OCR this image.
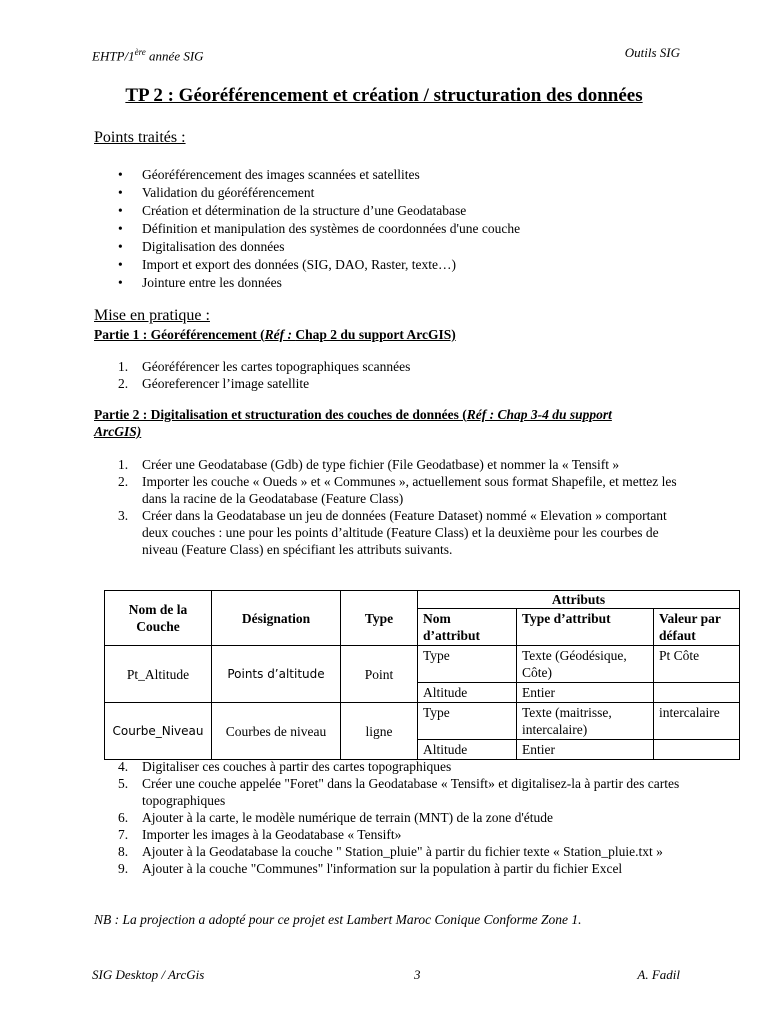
EHTP/1ère année SIG	Outils SIG
TP 2 : Géoréférencement et création / structuration des données
Points traités :
• Géoréférencement des images scannées et satellites
• Validation du géoréférencement
• Création et détermination de la structure d’une Geodatabase
• Définition et manipulation des systèmes de coordonnées d'une couche
• Digitalisation des données
• Import et export des données (SIG, DAO, Raster, texte…)
• Jointure entre les données
Mise en pratique :
Partie 1 : Géoréférencement (Réf : Chap 2 du support ArcGIS)
1. Géoréférencer les cartes topographiques scannées
2. Géoreferencer l’image satellite
Partie 2 : Digitalisation et structuration des couches de données (Réf : Chap 3-4 du support ArcGIS)
1. Créer une Geodatabase (Gdb) de type fichier (File Geodatbase) et nommer la « Tensift »
2. Importer les couche « Oueds » et « Communes », actuellement sous format Shapefile, et mettez les dans la racine de la Geodatabase (Feature Class)
3. Créer dans la Geodatabase un jeu de données (Feature Dataset) nommé « Elevation » comportant deux couches : une pour les points d’altitude (Feature Class) et la deuxième pour les courbes de niveau (Feature Class) en spécifiant les attributs suivants.
Nom de la Couche	Désignation	Type	Attributs		
			Nom d’attribut	Type d’attribut	Valeur par défaut
Pt_Altitude	Points d’altitude	Point	Type	Texte (Géodésique, Côte)	Pt Côte
			Altitude	Entier	
Courbe_Niveau	Courbes de niveau	ligne	Type	Texte (maitrisse, intercalaire)	intercalaire
			Altitude	Entier	
4. Digitaliser ces couches à partir des cartes topographiques
5. Créer une couche appelée "Foret" dans la Geodatabase « Tensift» et digitalisez-la à partir des cartes topographiques
6. Ajouter à la carte, le modèle numérique de terrain (MNT) de la zone d'étude
7. Importer les images à la Geodatabase « Tensift»
8. Ajouter à la Geodatabase la couche " Station_pluie" à partir du fichier texte « Station_pluie.txt »
9. Ajouter à la couche "Communes" l'information sur la population à partir du fichier Excel
NB : La projection a adopté pour ce projet est Lambert Maroc Conique Conforme Zone 1.
SIG Desktop / ArcGis	3	A. Fadil
